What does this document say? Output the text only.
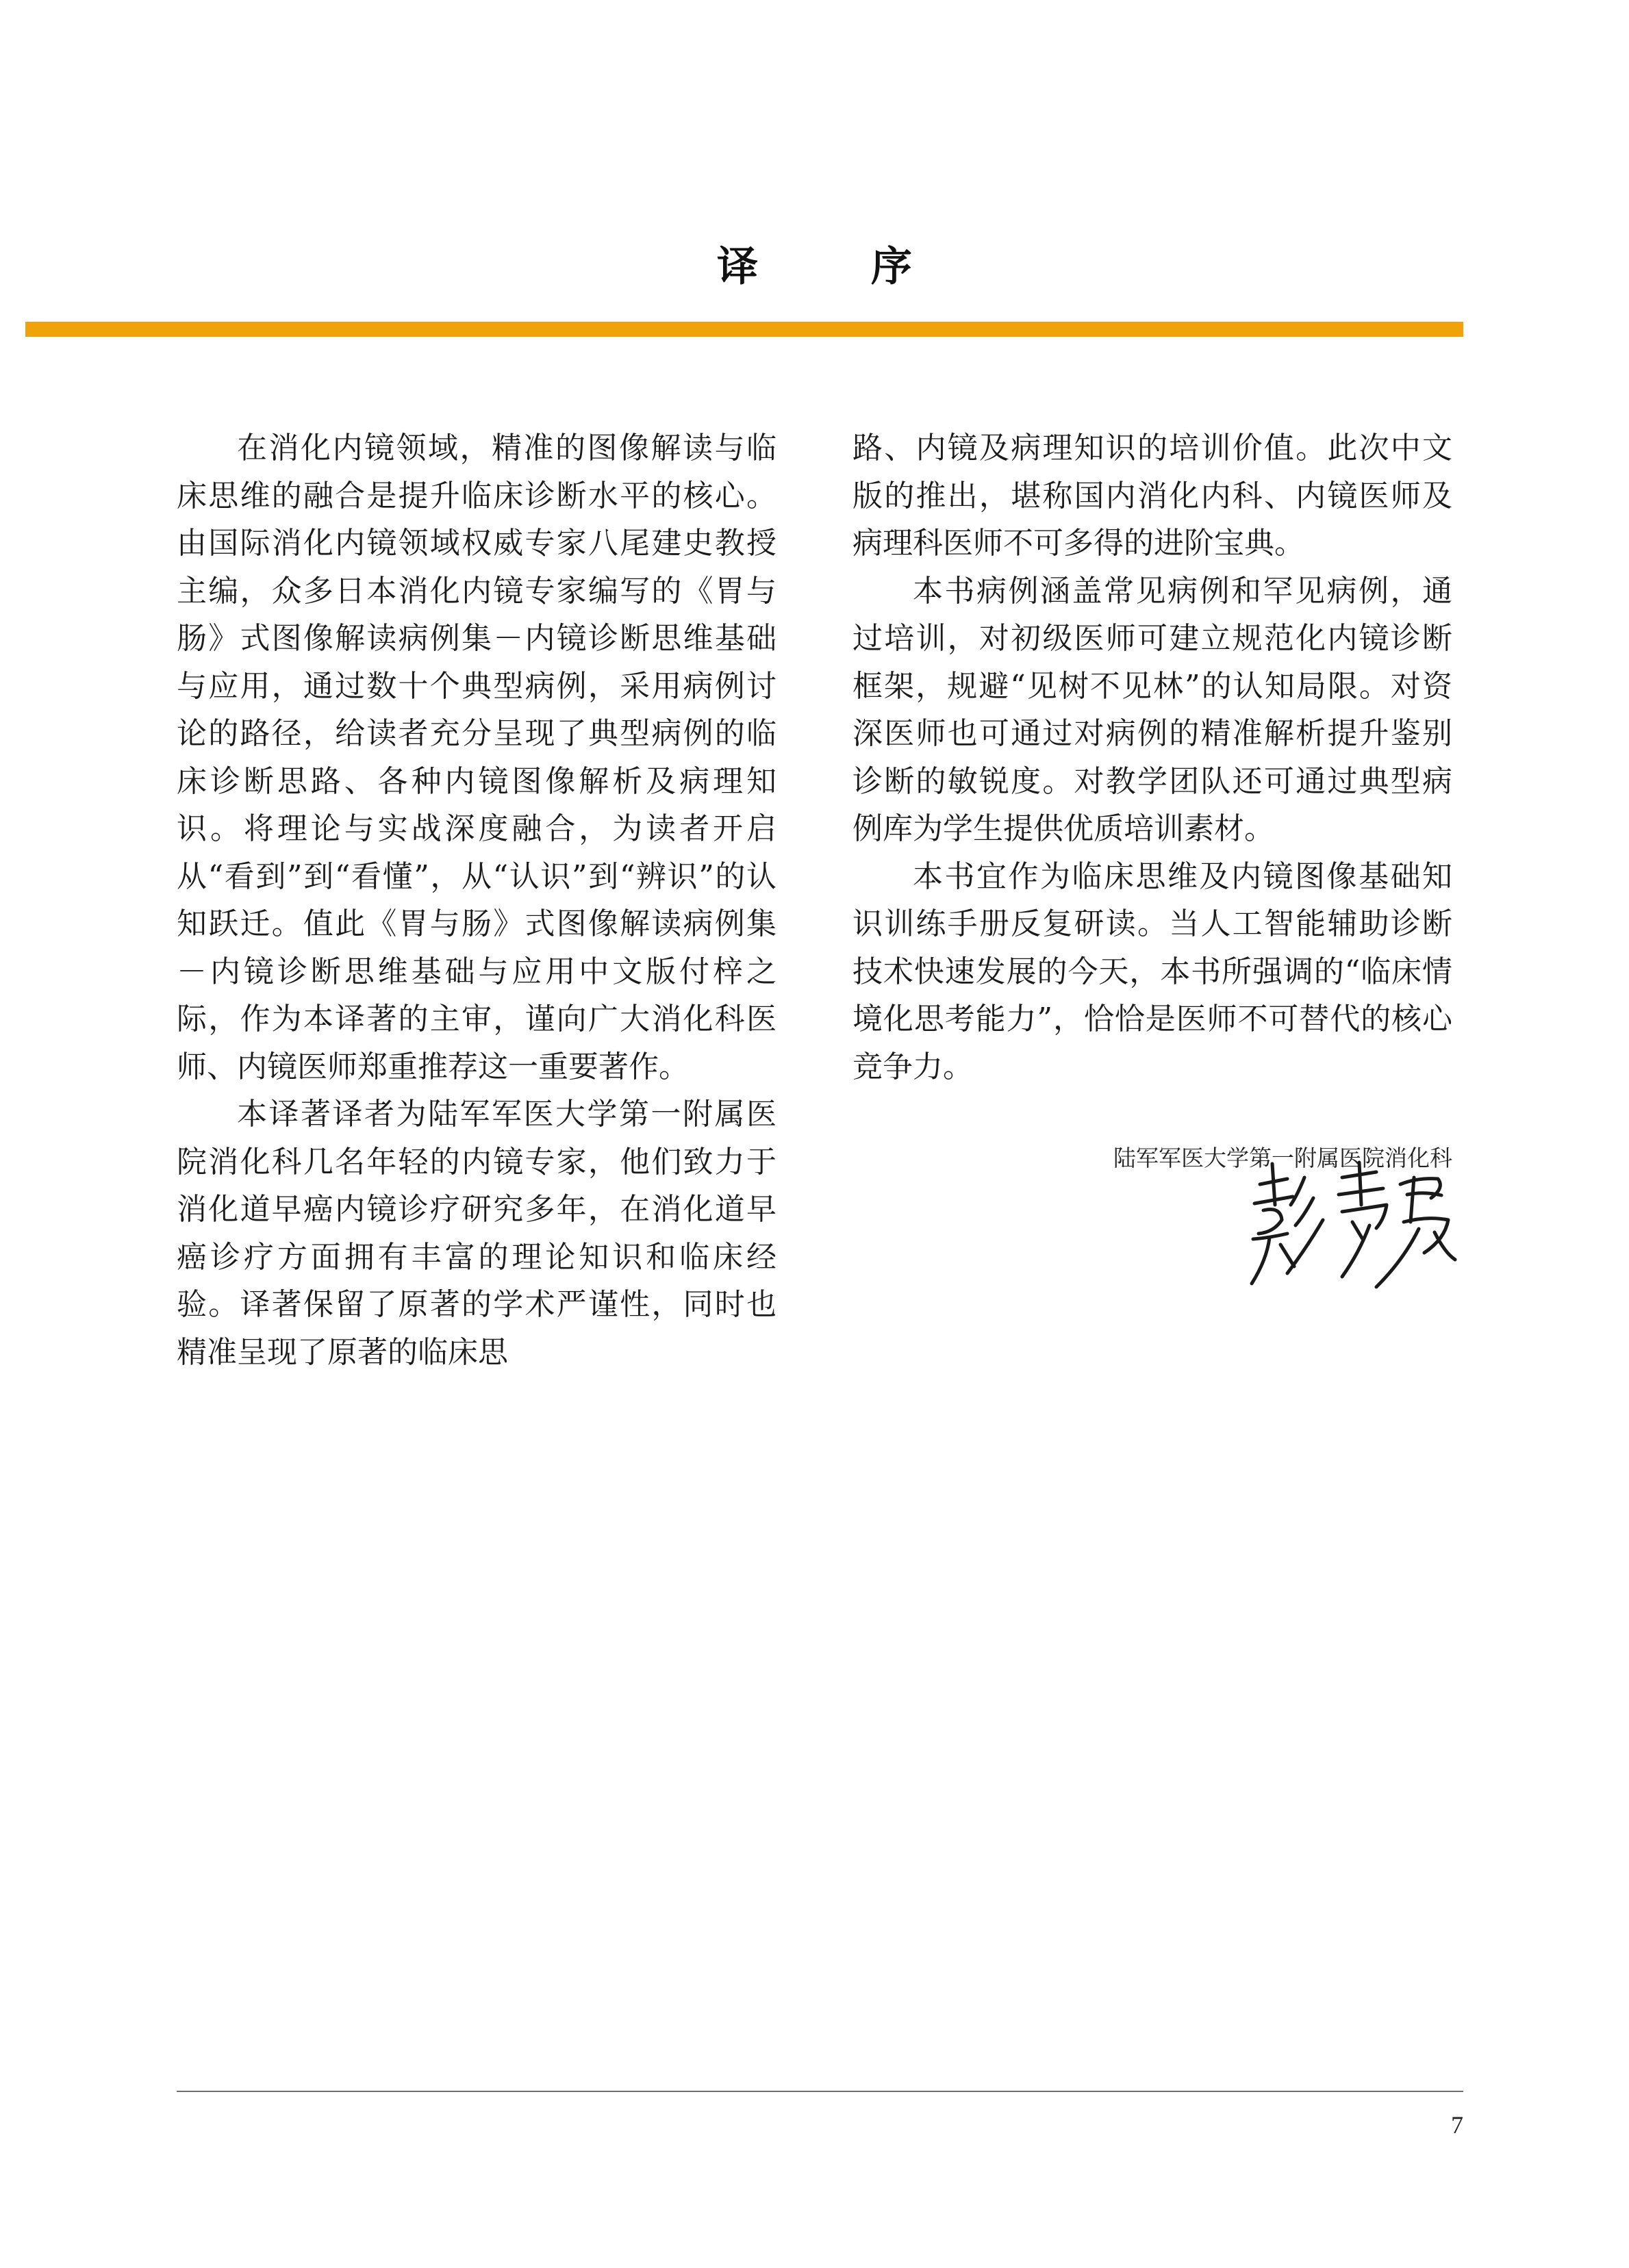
译 序

在消化内镜领域，精准的图像解读与临床思维的融合是提升临床诊断水平的核心。由国际消化内镜领域权威专家八尾建史教授主编，众多日本消化内镜专家编写的《胃与肠》式图像解读病例集－内镜诊断思维基础与应用，通过数十个典型病例，采用病例讨论的路径，给读者充分呈现了典型病例的临床诊断思路、各种内镜图像解析及病理知识。将理论与实战深度融合，为读者开启从“看到”到“看懂”，从“认识”到“辨识”的认知跃迁。值此《胃与肠》式图像解读病例集－内镜诊断思维基础与应用中文版付梓之际，作为本译著的主审，谨向广大消化科医师、内镜医师郑重推荐这一重要著作。

本译著译者为陆军军医大学第一附属医院消化科几名年轻的内镜专家，他们致力于消化道早癌内镜诊疗研究多年，在消化道早癌诊疗方面拥有丰富的理论知识和临床经验。译著保留了原著的学术严谨性，同时也精准呈现了原著的临床思

路、内镜及病理知识的培训价值。此次中文版的推出，堪称国内消化内科、内镜医师及病理科医师不可多得的进阶宝典。

本书病例涵盖常见病例和罕见病例，通过培训，对初级医师可建立规范化内镜诊断框架，规避“见树不见林”的认知局限。对资深医师也可通过对病例的精准解析提升鉴别诊断的敏锐度。对教学团队还可通过典型病例库为学生提供优质培训素材。

本书宜作为临床思维及内镜图像基础知识训练手册反复研读。当人工智能辅助诊断技术快速发展的今天，本书所强调的“临床情境化思考能力”，恰恰是医师不可替代的核心竞争力。

陆军军医大学第一附属医院消化科

7
